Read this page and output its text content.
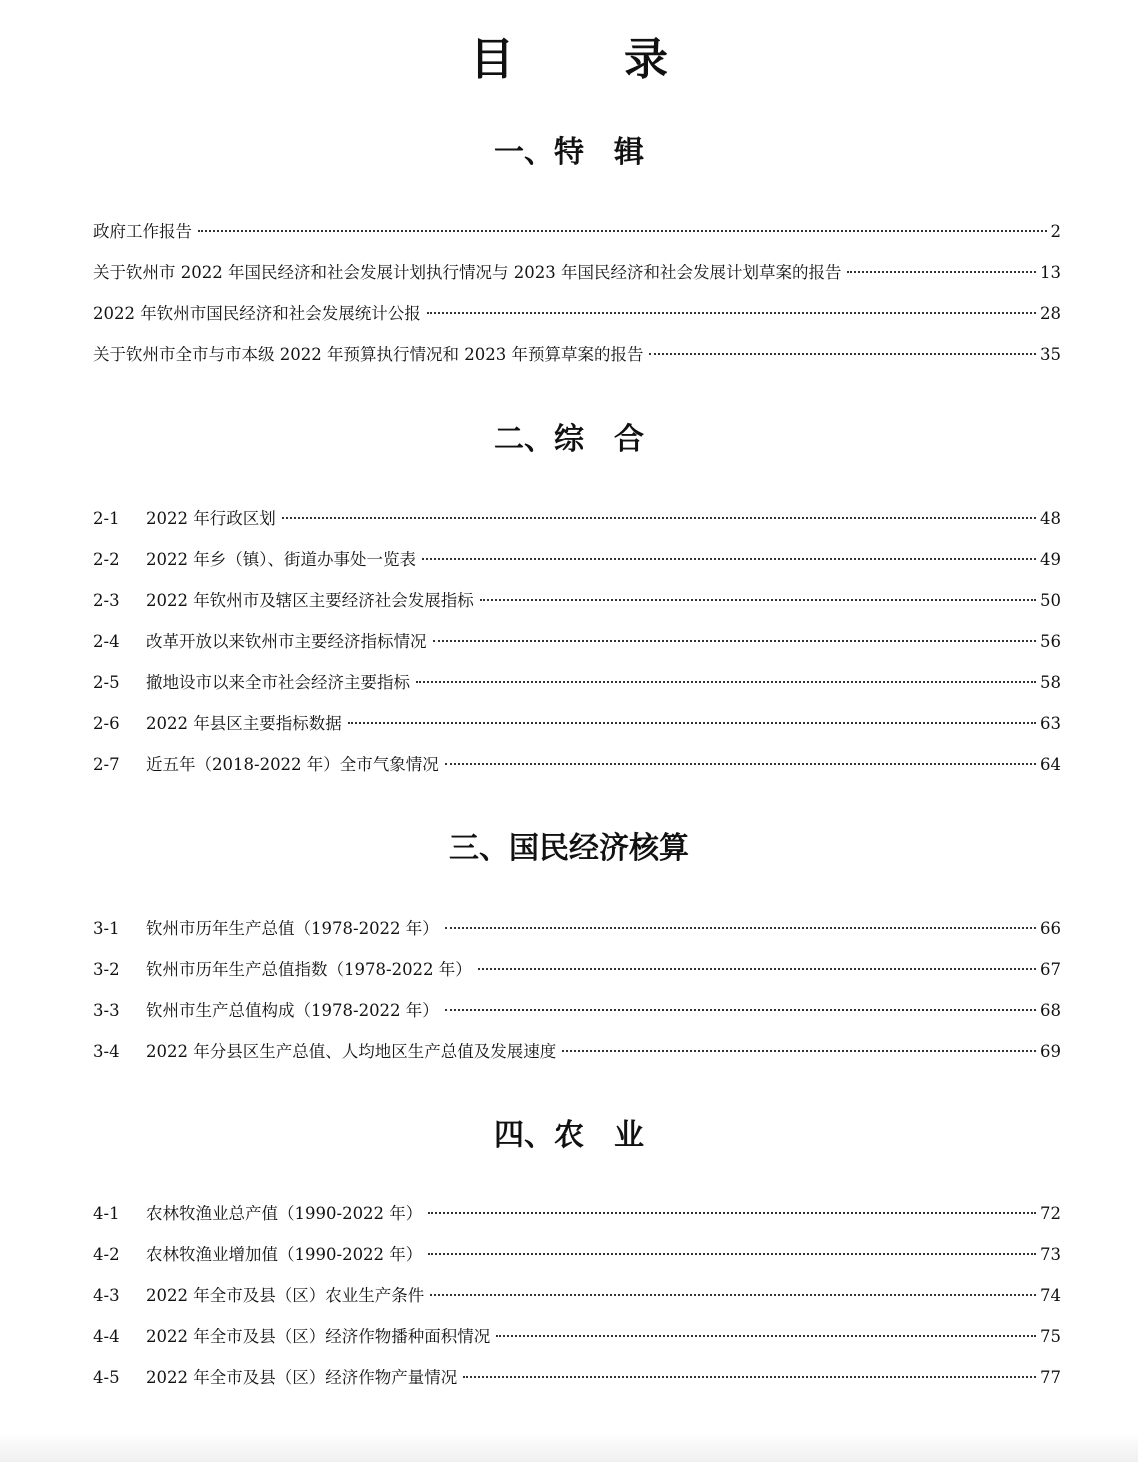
目	录
一、特　辑
政府工作报告	2
关于钦州市 2022 年国民经济和社会发展计划执行情况与 2023 年国民经济和社会发展计划草案的报告	13
2022 年钦州市国民经济和社会发展统计公报	28
关于钦州市全市与市本级 2022 年预算执行情况和 2023 年预算草案的报告	35
二、综　合
2-1	2022 年行政区划	48
2-2	2022 年乡（镇）、街道办事处一览表	49
2-3	2022 年钦州市及辖区主要经济社会发展指标	50
2-4	改革开放以来钦州市主要经济指标情况	56
2-5	撤地设市以来全市社会经济主要指标	58
2-6	2022 年县区主要指标数据	63
2-7	近五年（2018-2022 年）全市气象情况	64
三、国民经济核算
3-1	钦州市历年生产总值（1978-2022 年）	66
3-2	钦州市历年生产总值指数（1978-2022 年）	67
3-3	钦州市生产总值构成（1978-2022 年）	68
3-4	2022 年分县区生产总值、人均地区生产总值及发展速度	69
四、农　业
4-1	农林牧渔业总产值（1990-2022 年）	72
4-2	农林牧渔业增加值（1990-2022 年）	73
4-3	2022 年全市及县（区）农业生产条件	74
4-4	2022 年全市及县（区）经济作物播种面积情况	75
4-5	2022 年全市及县（区）经济作物产量情况	77
